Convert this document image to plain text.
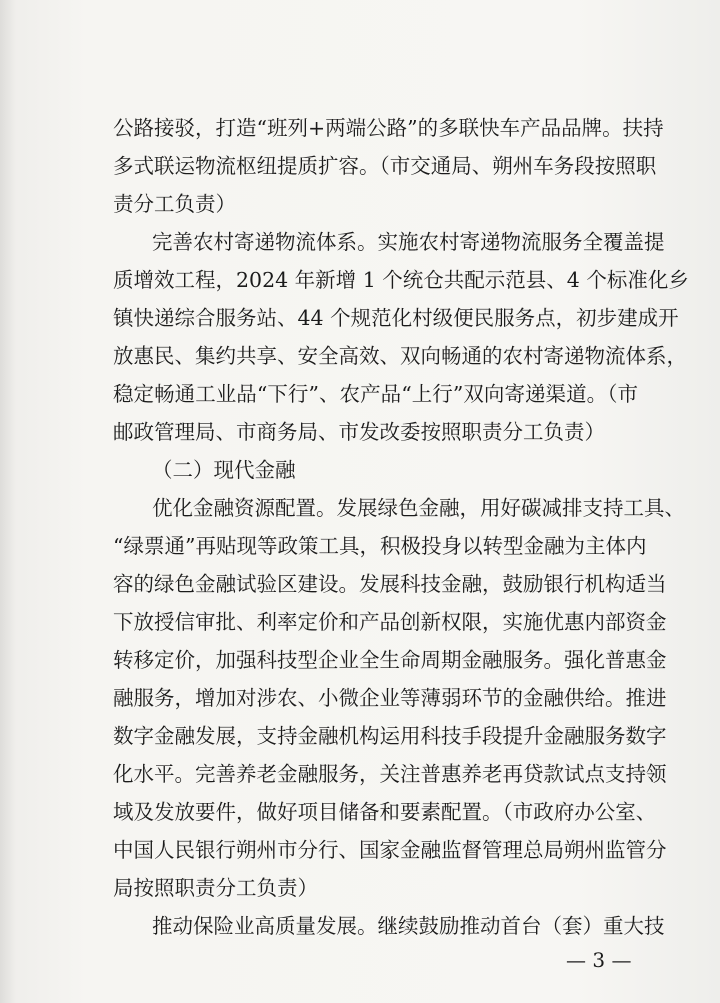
公路接驳，打造“班列+两端公路”的多联快车产品品牌。扶持
多式联运物流枢纽提质扩容。（市交通局、朔州车务段按照职
责分工负责）
完善农村寄递物流体系。实施农村寄递物流服务全覆盖提
质增效工程，2024 年新增 1 个统仓共配示范县、4 个标准化乡
镇快递综合服务站、44 个规范化村级便民服务点，初步建成开
放惠民、集约共享、安全高效、双向畅通的农村寄递物流体系，
稳定畅通工业品“下行”、农产品“上行”双向寄递渠道。（市
邮政管理局、市商务局、市发改委按照职责分工负责）
（二）现代金融
优化金融资源配置。发展绿色金融，用好碳减排支持工具、
“绿票通”再贴现等政策工具，积极投身以转型金融为主体内
容的绿色金融试验区建设。发展科技金融，鼓励银行机构适当
下放授信审批、利率定价和产品创新权限，实施优惠内部资金
转移定价，加强科技型企业全生命周期金融服务。强化普惠金
融服务，增加对涉农、小微企业等薄弱环节的金融供给。推进
数字金融发展，支持金融机构运用科技手段提升金融服务数字
化水平。完善养老金融服务，关注普惠养老再贷款试点支持领
域及发放要件，做好项目储备和要素配置。（市政府办公室、
中国人民银行朔州市分行、国家金融监督管理总局朔州监管分
局按照职责分工负责）
推动保险业高质量发展。继续鼓励推动首台（套）重大技
— 3 —
